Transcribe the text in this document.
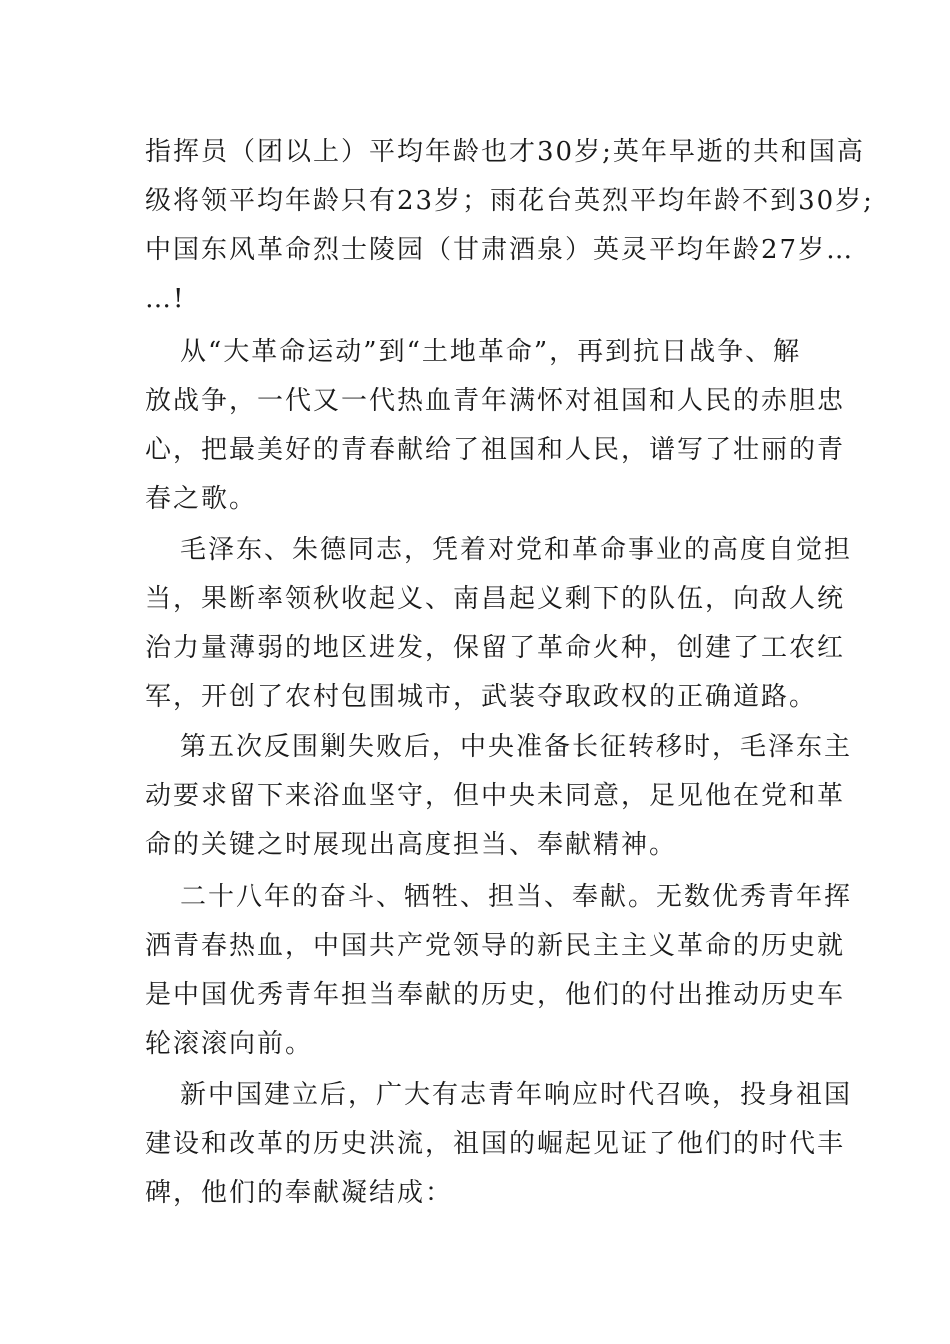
指挥员（团以上）平均年龄也才30岁;英年早逝的共和国高
级将领平均年龄只有23岁；雨花台英烈平均年龄不到30岁;
中国东风革命烈士陵园（甘肃酒泉）英灵平均年龄27岁…
…!
从“大革命运动”到“土地革命”，再到抗日战争、解
放战争，一代又一代热血青年满怀对祖国和人民的赤胆忠
心，把最美好的青春献给了祖国和人民，谱写了壮丽的青
春之歌。
毛泽东、朱德同志，凭着对党和革命事业的高度自觉担
当，果断率领秋收起义、南昌起义剩下的队伍，向敌人统
治力量薄弱的地区进发，保留了革命火种，创建了工农红
军，开创了农村包围城市，武装夺取政权的正确道路。
第五次反围剿失败后，中央准备长征转移时，毛泽东主
动要求留下来浴血坚守，但中央未同意，足见他在党和革
命的关键之时展现出高度担当、奉献精神。
二十八年的奋斗、牺牲、担当、奉献。无数优秀青年挥
洒青春热血，中国共产党领导的新民主主义革命的历史就
是中国优秀青年担当奉献的历史，他们的付出推动历史车
轮滚滚向前。
新中国建立后，广大有志青年响应时代召唤，投身祖国
建设和改革的历史洪流，祖国的崛起见证了他们的时代丰
碑，他们的奉献凝结成：
